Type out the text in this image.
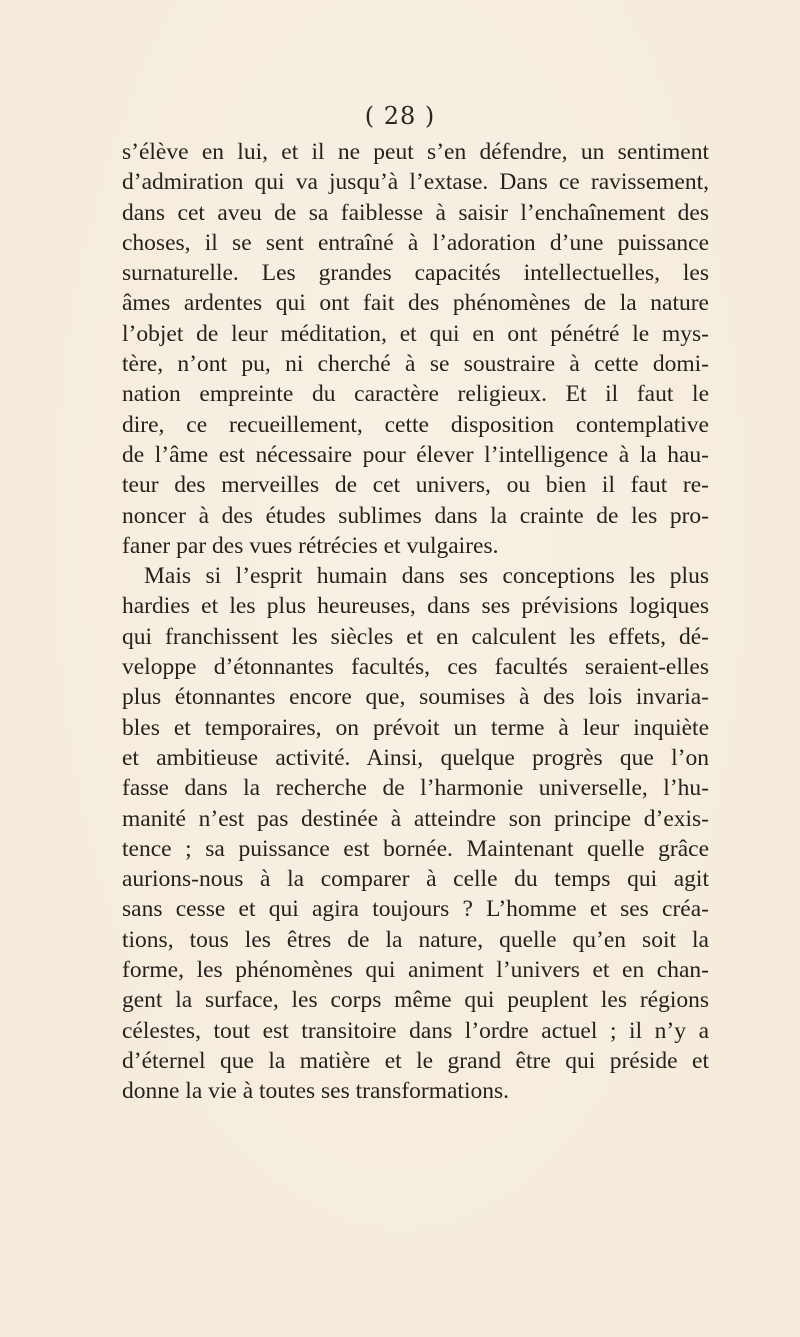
( 28 )
s’élève en lui, et il ne peut s’en défendre, un sentiment
d’admiration qui va jusqu’à l’extase. Dans ce ravissement,
dans cet aveu de sa faiblesse à saisir l’enchaînement des
choses, il se sent entraîné à l’adoration d’une puissance
surnaturelle. Les grandes capacités intellectuelles, les
âmes ardentes qui ont fait des phénomènes de la nature
l’objet de leur méditation, et qui en ont pénétré le mys-
tère, n’ont pu, ni cherché à se soustraire à cette domi-
nation empreinte du caractère religieux. Et il faut le
dire, ce recueillement, cette disposition contemplative
de l’âme est nécessaire pour élever l’intelligence à la hau-
teur des merveilles de cet univers, ou bien il faut re-
noncer à des études sublimes dans la crainte de les pro-
faner par des vues rétrécies et vulgaires.
Mais si l’esprit humain dans ses conceptions les plus
hardies et les plus heureuses, dans ses prévisions logiques
qui franchissent les siècles et en calculent les effets, dé-
veloppe d’étonnantes facultés, ces facultés seraient-elles
plus étonnantes encore que, soumises à des lois invaria-
bles et temporaires, on prévoit un terme à leur inquiète
et ambitieuse activité. Ainsi, quelque progrès que l’on
fasse dans la recherche de l’harmonie universelle, l’hu-
manité n’est pas destinée à atteindre son principe d’exis-
tence ; sa puissance est bornée. Maintenant quelle grâce
aurions-nous à la comparer à celle du temps qui agit
sans cesse et qui agira toujours ? L’homme et ses créa-
tions, tous les êtres de la nature, quelle qu’en soit la
forme, les phénomènes qui animent l’univers et en chan-
gent la surface, les corps même qui peuplent les régions
célestes, tout est transitoire dans l’ordre actuel ; il n’y a
d’éternel que la matière et le grand être qui préside et
donne la vie à toutes ses transformations.
